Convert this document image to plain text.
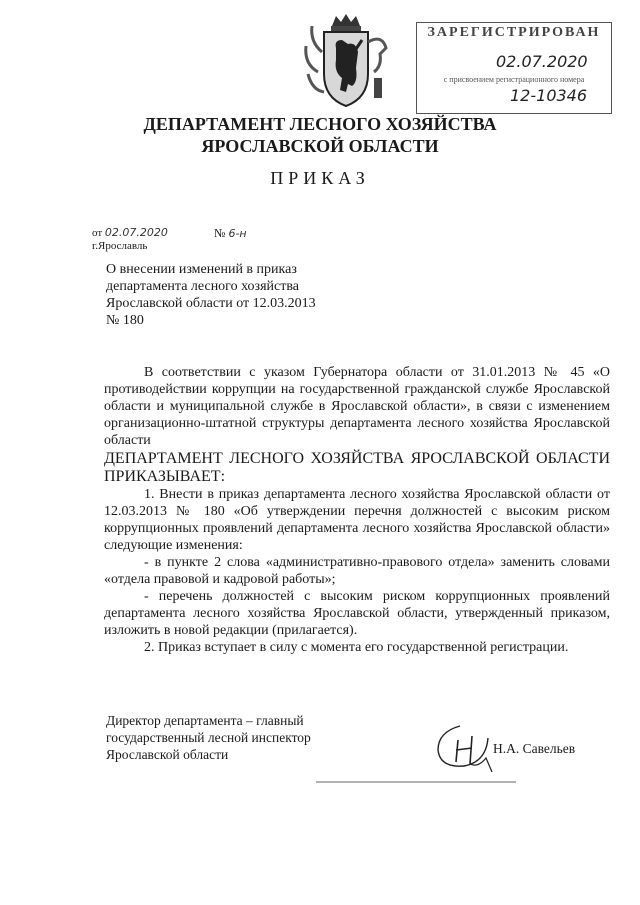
ЗАРЕГИСТРИРОВАН
02.07.2020
с присвоением регистрационного номера
12-10346
ДЕПАРТАМЕНТ ЛЕСНОГО ХОЗЯЙСТВА
ЯРОСЛАВСКОЙ ОБЛАСТИ
ПРИКАЗ
от 02.07.2020	№ 6-н
г.Ярославль
О внесении изменений в приказ
департамента лесного хозяйства
Ярославской области от 12.03.2013
№ 180

В соответствии с указом Губернатора области от 31.01.2013 № 45 «О противодействии коррупции на государственной гражданской службе Ярославской области и муниципальной службе в Ярославской области», в связи с изменением организационно-штатной структуры департамента лесного хозяйства Ярославской области

ДЕПАРТАМЕНТ ЛЕСНОГО ХОЗЯЙСТВА ЯРОСЛАВСКОЙ ОБЛАСТИ ПРИКАЗЫВАЕТ:

1. Внести в приказ департамента лесного хозяйства Ярославской области от 12.03.2013 № 180 «Об утверждении перечня должностей с высоким риском коррупционных проявлений департамента лесного хозяйства Ярославской области» следующие изменения:

- в пункте 2 слова «административно-правового отдела» заменить словами «отдела правовой и кадровой работы»;

- перечень должностей с высоким риском коррупционных проявлений департамента лесного хозяйства Ярославской области, утвержденный приказом, изложить в новой редакции (прилагается).

2. Приказ вступает в силу с момента его государственной регистрации.

Директор департамента – главный
государственный лесной инспектор
Ярославской области	Н.А. Савельев
